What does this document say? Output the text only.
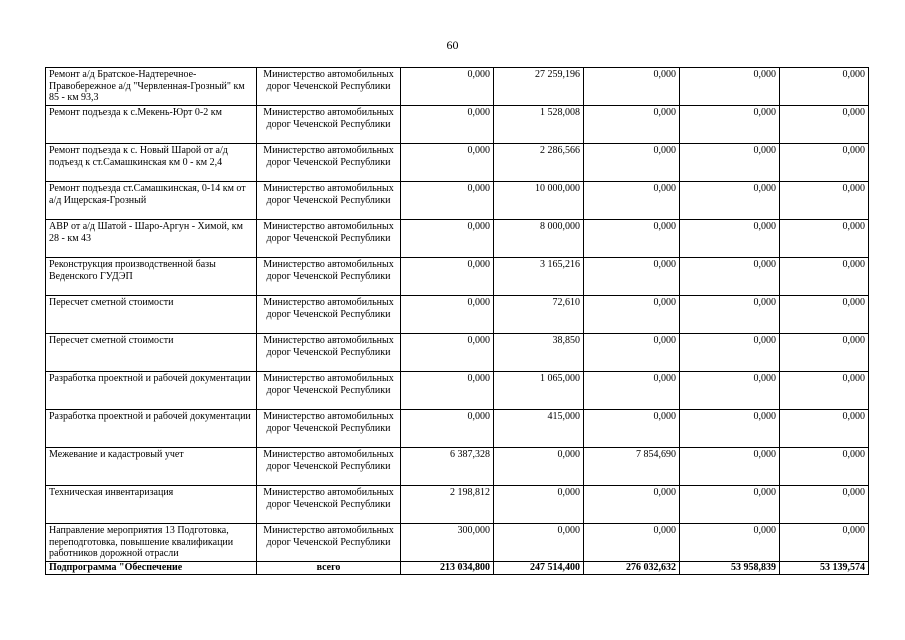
60
Ремонт а/д Братское-Надтеречное-Правобережное а/д "Червленная-Грозный" км 85 - км 93,3	Министерство автомобильных дорог Чеченской Республики	0,000	27 259,196	0,000	0,000	0,000
Ремонт подъезда к с.Мекень-Юрт 0-2 км	Министерство автомобильных дорог Чеченской Республики	0,000	1 528,008	0,000	0,000	0,000
Ремонт подъезда к с. Новый Шарой от а/д подъезд к ст.Самашкинская км 0 - км 2,4	Министерство автомобильных дорог Чеченской Республики	0,000	2 286,566	0,000	0,000	0,000
Ремонт подъезда ст.Самашкинская, 0-14 км от а/д Ищерская-Грозный	Министерство автомобильных дорог Чеченской Республики	0,000	10 000,000	0,000	0,000	0,000
АВР от а/д Шатой - Шаро-Аргун - Химой, км 28 - км 43	Министерство автомобильных дорог Чеченской Республики	0,000	8 000,000	0,000	0,000	0,000
Реконструкция производственной базы Веденского ГУДЭП	Министерство автомобильных дорог Чеченской Республики	0,000	3 165,216	0,000	0,000	0,000
Пересчет сметной стоимости	Министерство автомобильных дорог Чеченской Республики	0,000	72,610	0,000	0,000	0,000
Пересчет сметной стоимости	Министерство автомобильных дорог Чеченской Республики	0,000	38,850	0,000	0,000	0,000
Разработка проектной и рабочей документации	Министерство автомобильных дорог Чеченской Республики	0,000	1 065,000	0,000	0,000	0,000
Разработка проектной и рабочей документации	Министерство автомобильных дорог Чеченской Республики	0,000	415,000	0,000	0,000	0,000
Межевание и кадастровый учет	Министерство автомобильных дорог Чеченской Республики	6 387,328	0,000	7 854,690	0,000	0,000
Техническая инвентаризация	Министерство автомобильных дорог Чеченской Республики	2 198,812	0,000	0,000	0,000	0,000
Направление мероприятия 13 Подготовка, переподготовка, повышение квалификации работников дорожной отрасли	Министерство автомобильных дорог Чеченской Республики	300,000	0,000	0,000	0,000	0,000
Подпрограмма "Обеспечение	всего	213 034,800	247 514,400	276 032,632	53 958,839	53 139,574
